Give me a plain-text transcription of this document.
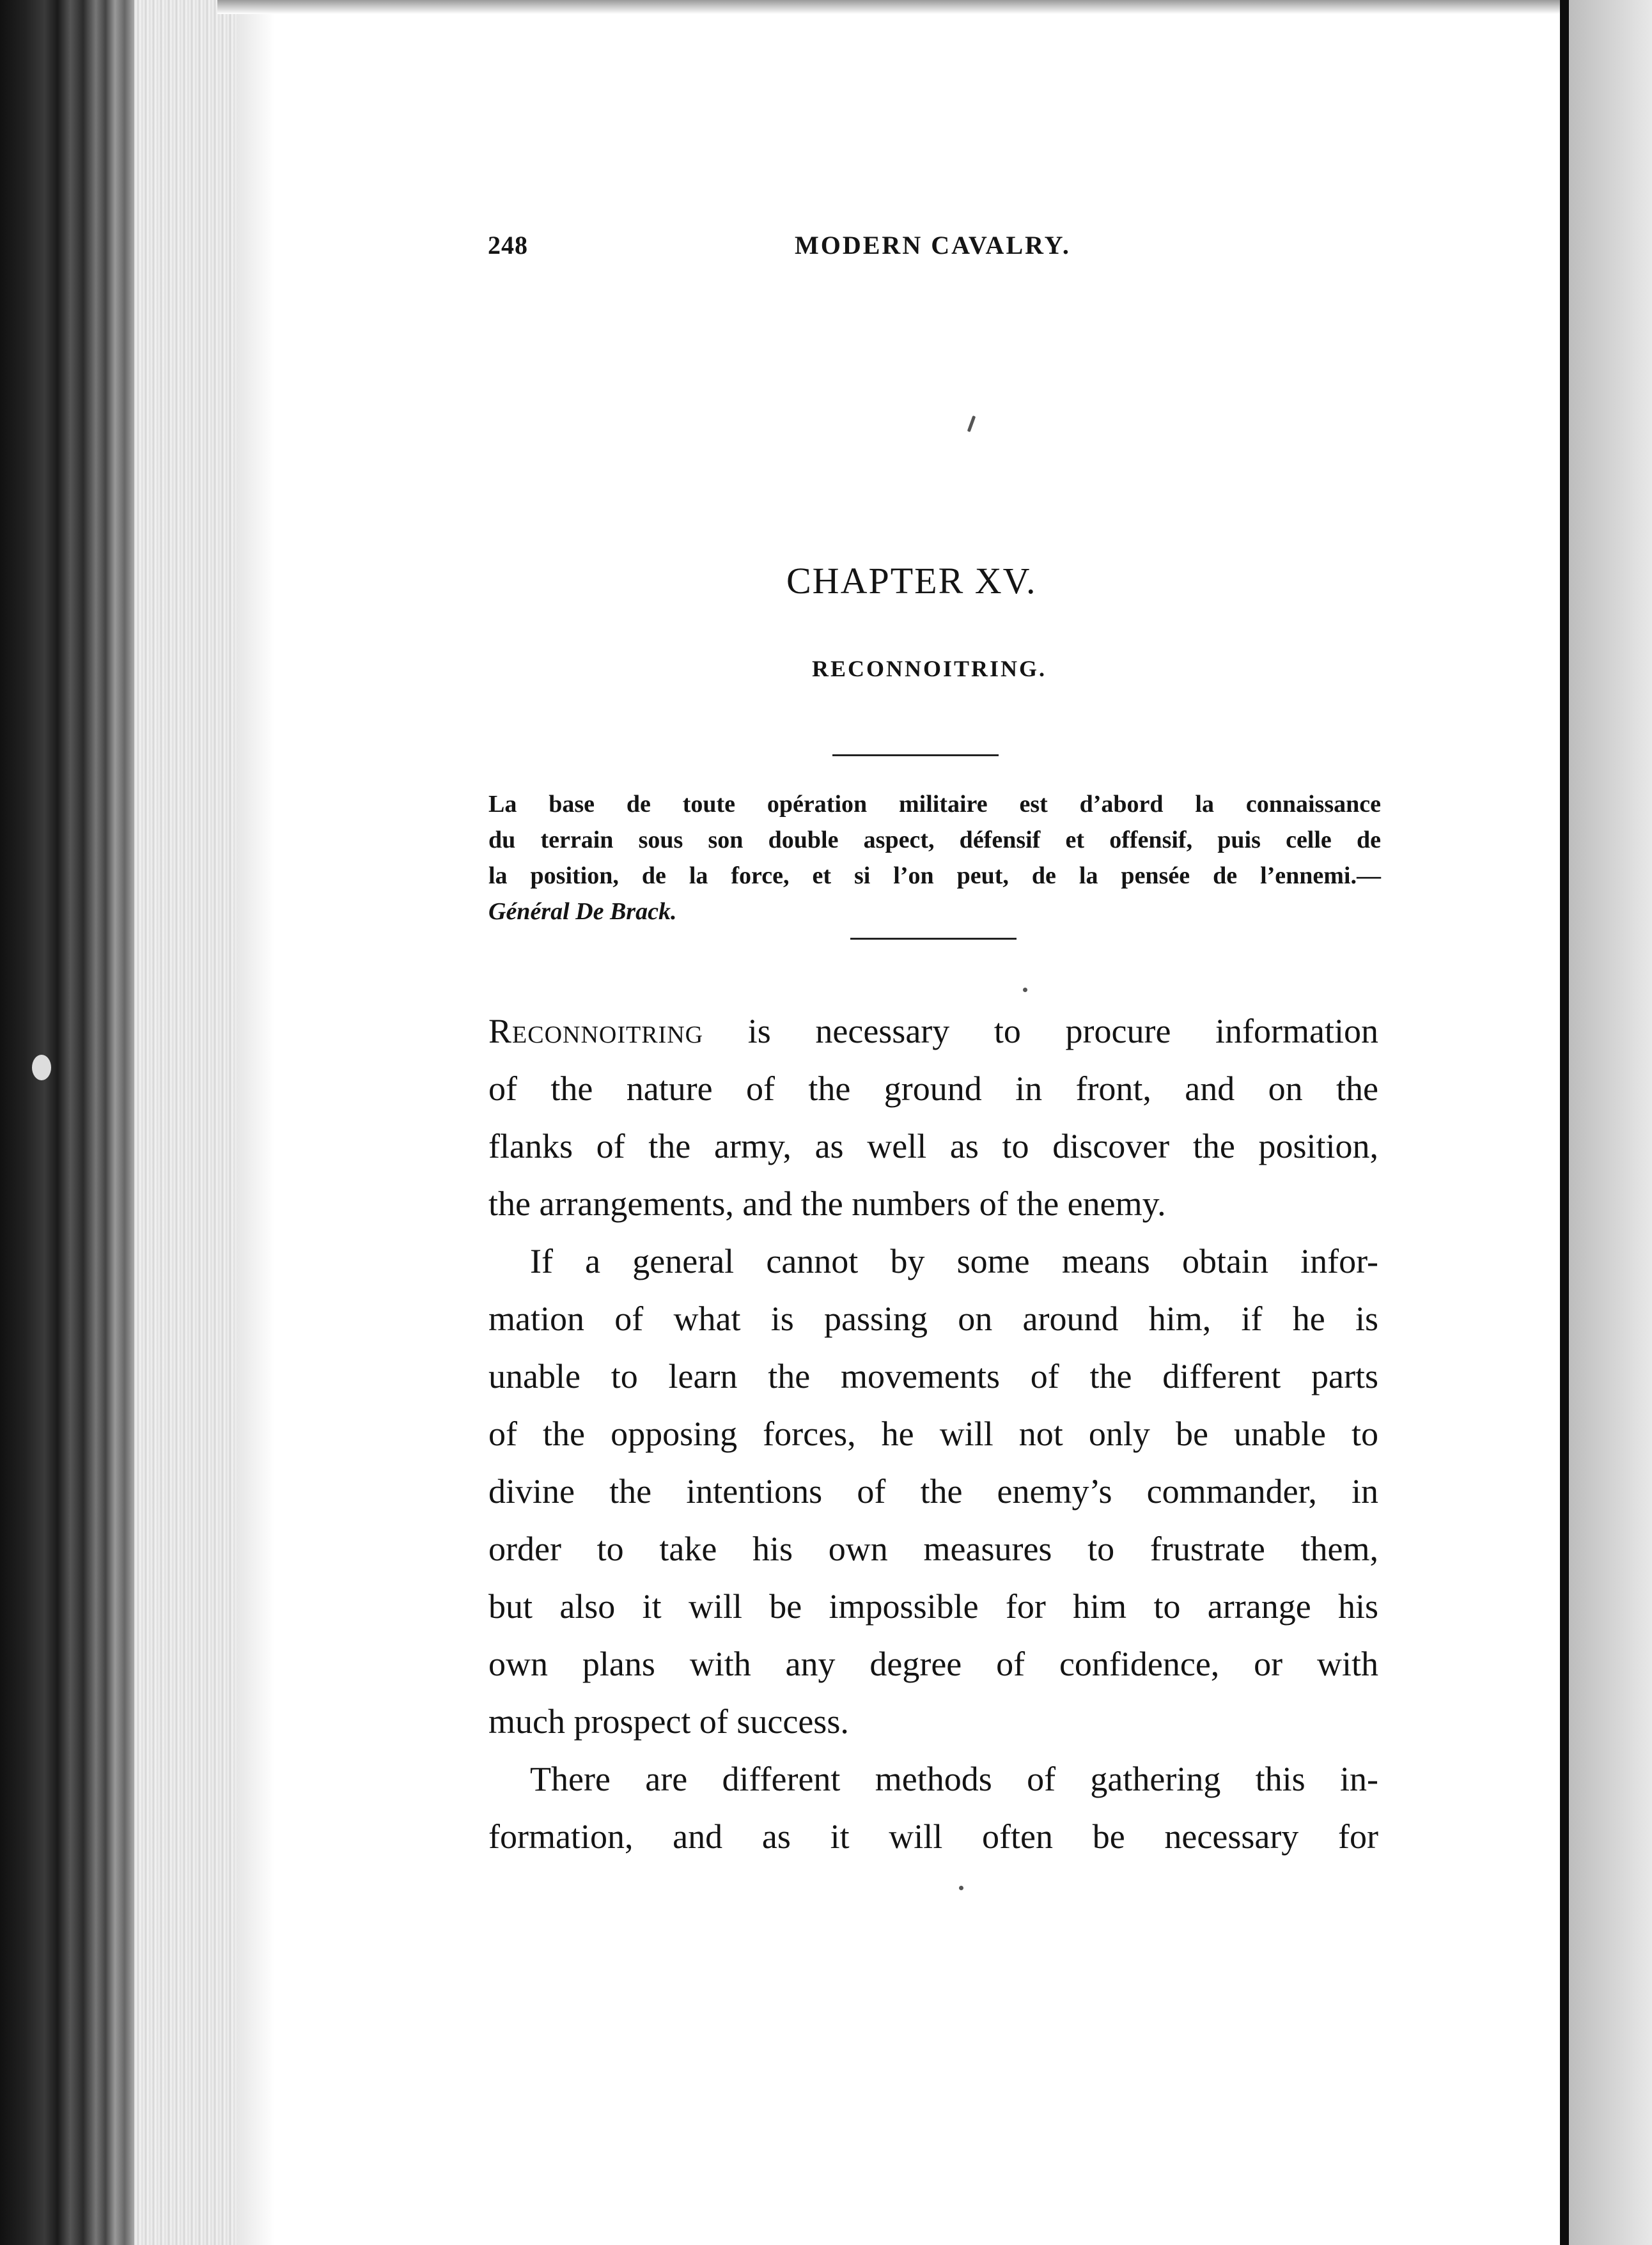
248	MODERN CAVALRY.
CHAPTER XV.
RECONNOITRING.
La base de toute opération militaire est d’abord la connaissance
du terrain sous son double aspect, défensif et offensif, puis celle de
la position, de la force, et si l’on peut, de la pensée de l’ennemi.—
Général De Brack.
Reconnoitring is necessary to procure information
of the nature of the ground in front, and on the
flanks of the army, as well as to discover the position,
the arrangements, and the numbers of the enemy.
If a general cannot by some means obtain infor-
mation of what is passing on around him, if he is
unable to learn the movements of the different parts
of the opposing forces, he will not only be unable to
divine the intentions of the enemy’s commander, in
order to take his own measures to frustrate them,
but also it will be impossible for him to arrange his
own plans with any degree of confidence, or with
much prospect of success.
There are different methods of gathering this in-
formation, and as it will often be necessary for
